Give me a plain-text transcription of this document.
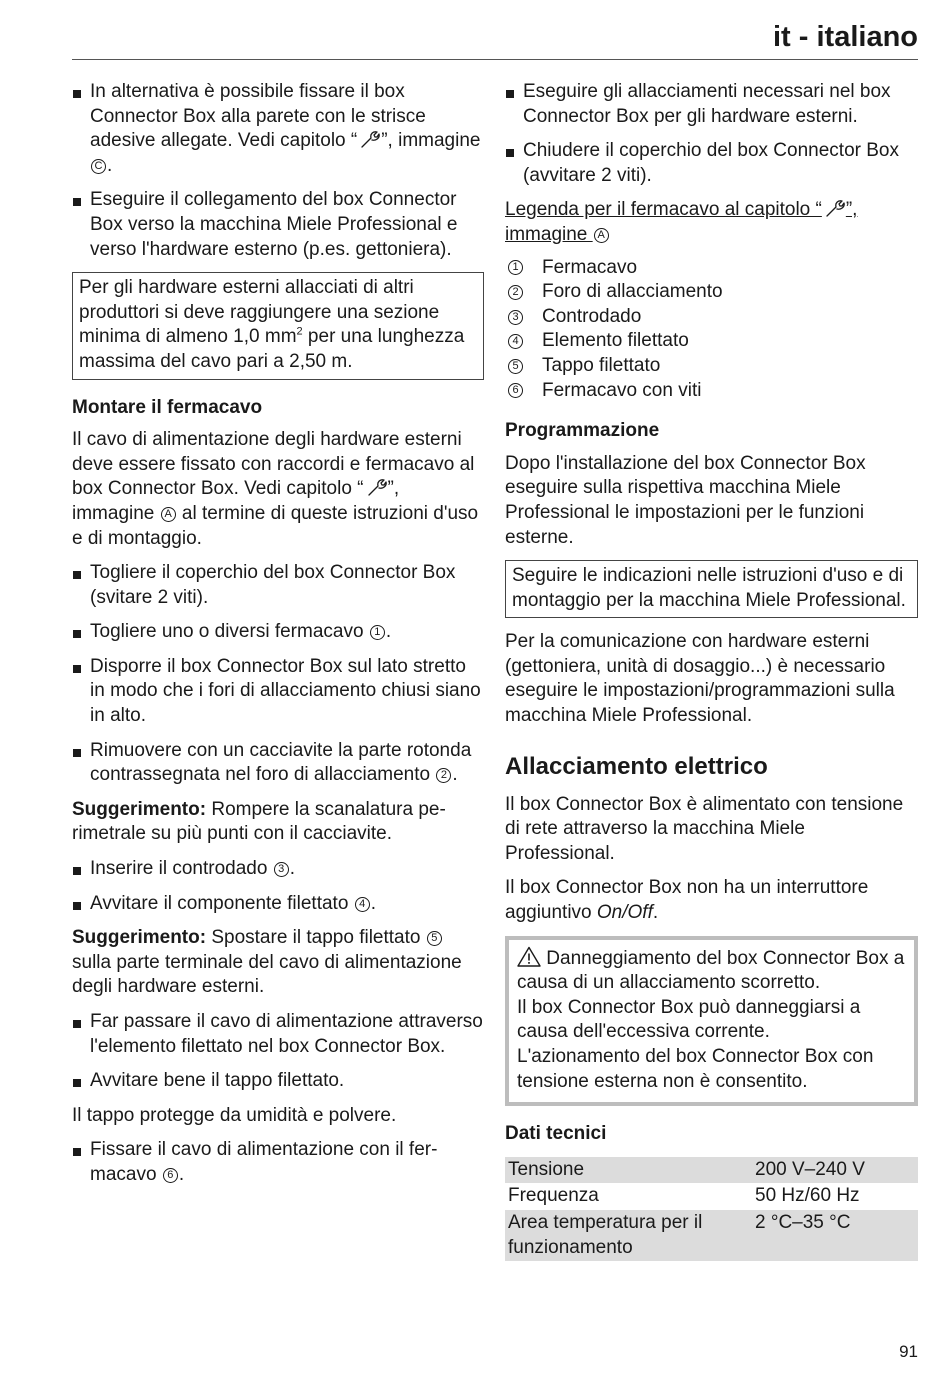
it - italiano
In alternativa è possibile fissare il box Connector Box alla parete con le strisce adesive allegate. Vedi capitolo “ ”, immagine C .
Eseguire il collegamento del box Connector Box verso la macchina Miele Professional e verso l'hardware esterno (p.es. gettoniera).
Per gli hardware esterni allacciati di altri produttori si deve raggiungere una sezione minima di almeno 1,0 $mm^2$ per una lunghezza massima del cavo pari a 2,50 m.
Montare il fermacavo

Il cavo di alimentazione degli hardware esterni deve essere fissato con raccordi e fermacavo al box Connector Box. Vedi capitolo “ ”, immagine A al termine di queste istruzioni d'uso e di montaggio.

Togliere il coperchio del box Connector Box (svitare 2 viti).
Togliere uno o diversi fermacavo 1 .
Disporre il box Connector Box sul lato stretto in modo che i fori di allacciamento chiusi siano in alto.
Rimuovere con un cacciavite la parte rotonda contrassegnata nel foro di allacciamento 2 .

Suggerimento: Rompere la scanalatura perimetrale su più punti con il cacciavite.

Inserire il controdado 3 .
Avvitare il componente filettato 4 .

Suggerimento: Spostare il tappo filettato 5 sulla parte terminale del cavo di alimentazione degli hardware esterni.

Far passare il cavo di alimentazione attraverso l'elemento filettato nel box Connector Box.
Avvitare bene il tappo filettato.

Il tappo protegge da umidità e polvere.

Fissare il cavo di alimentazione con il fermacavo 6 .
Eseguire gli allacciamenti necessari nel box Connector Box per gli hardware esterni.
Chiudere il coperchio del box Connector Box (avvitare 2 viti).

Legenda per il fermacavo al capitolo “ ”, immagine A

1 Fermacavo
2 Foro di allacciamento
3 Controdado
4 Elemento filettato
5 Tappo filettato
6 Fermacavo con viti
Programmazione

Dopo l'installazione del box Connector Box eseguire sulla rispettiva macchina Miele Professional le impostazioni per le funzioni esterne.

Seguire le indicazioni nelle istruzioni d'uso e di montaggio per la macchina Miele Professional.

Per la comunicazione con hardware esterni (gettoniera, unità di dosaggio...) è necessario eseguire le impostazioni/programmazioni sulla macchina Miele Professional.

Allacciamento elettrico

Il box Connector Box è alimentato con tensione di rete attraverso la macchina Miele Professional.

Il box Connector Box non ha un interruttore aggiuntivo On/Off.

Danneggiamento del box Connector Box a causa di un allacciamento scorretto.

Il box Connector Box può danneggiarsi a causa dell'eccessiva corrente.

L'azionamento del box Connector Box con tensione esterna non è consentito.

Dati tecnici
Tensione	200 V–240 V
Frequenza	50 Hz/60 Hz
Area temperatura per il funzionamento	2 °C–35 °C
91
